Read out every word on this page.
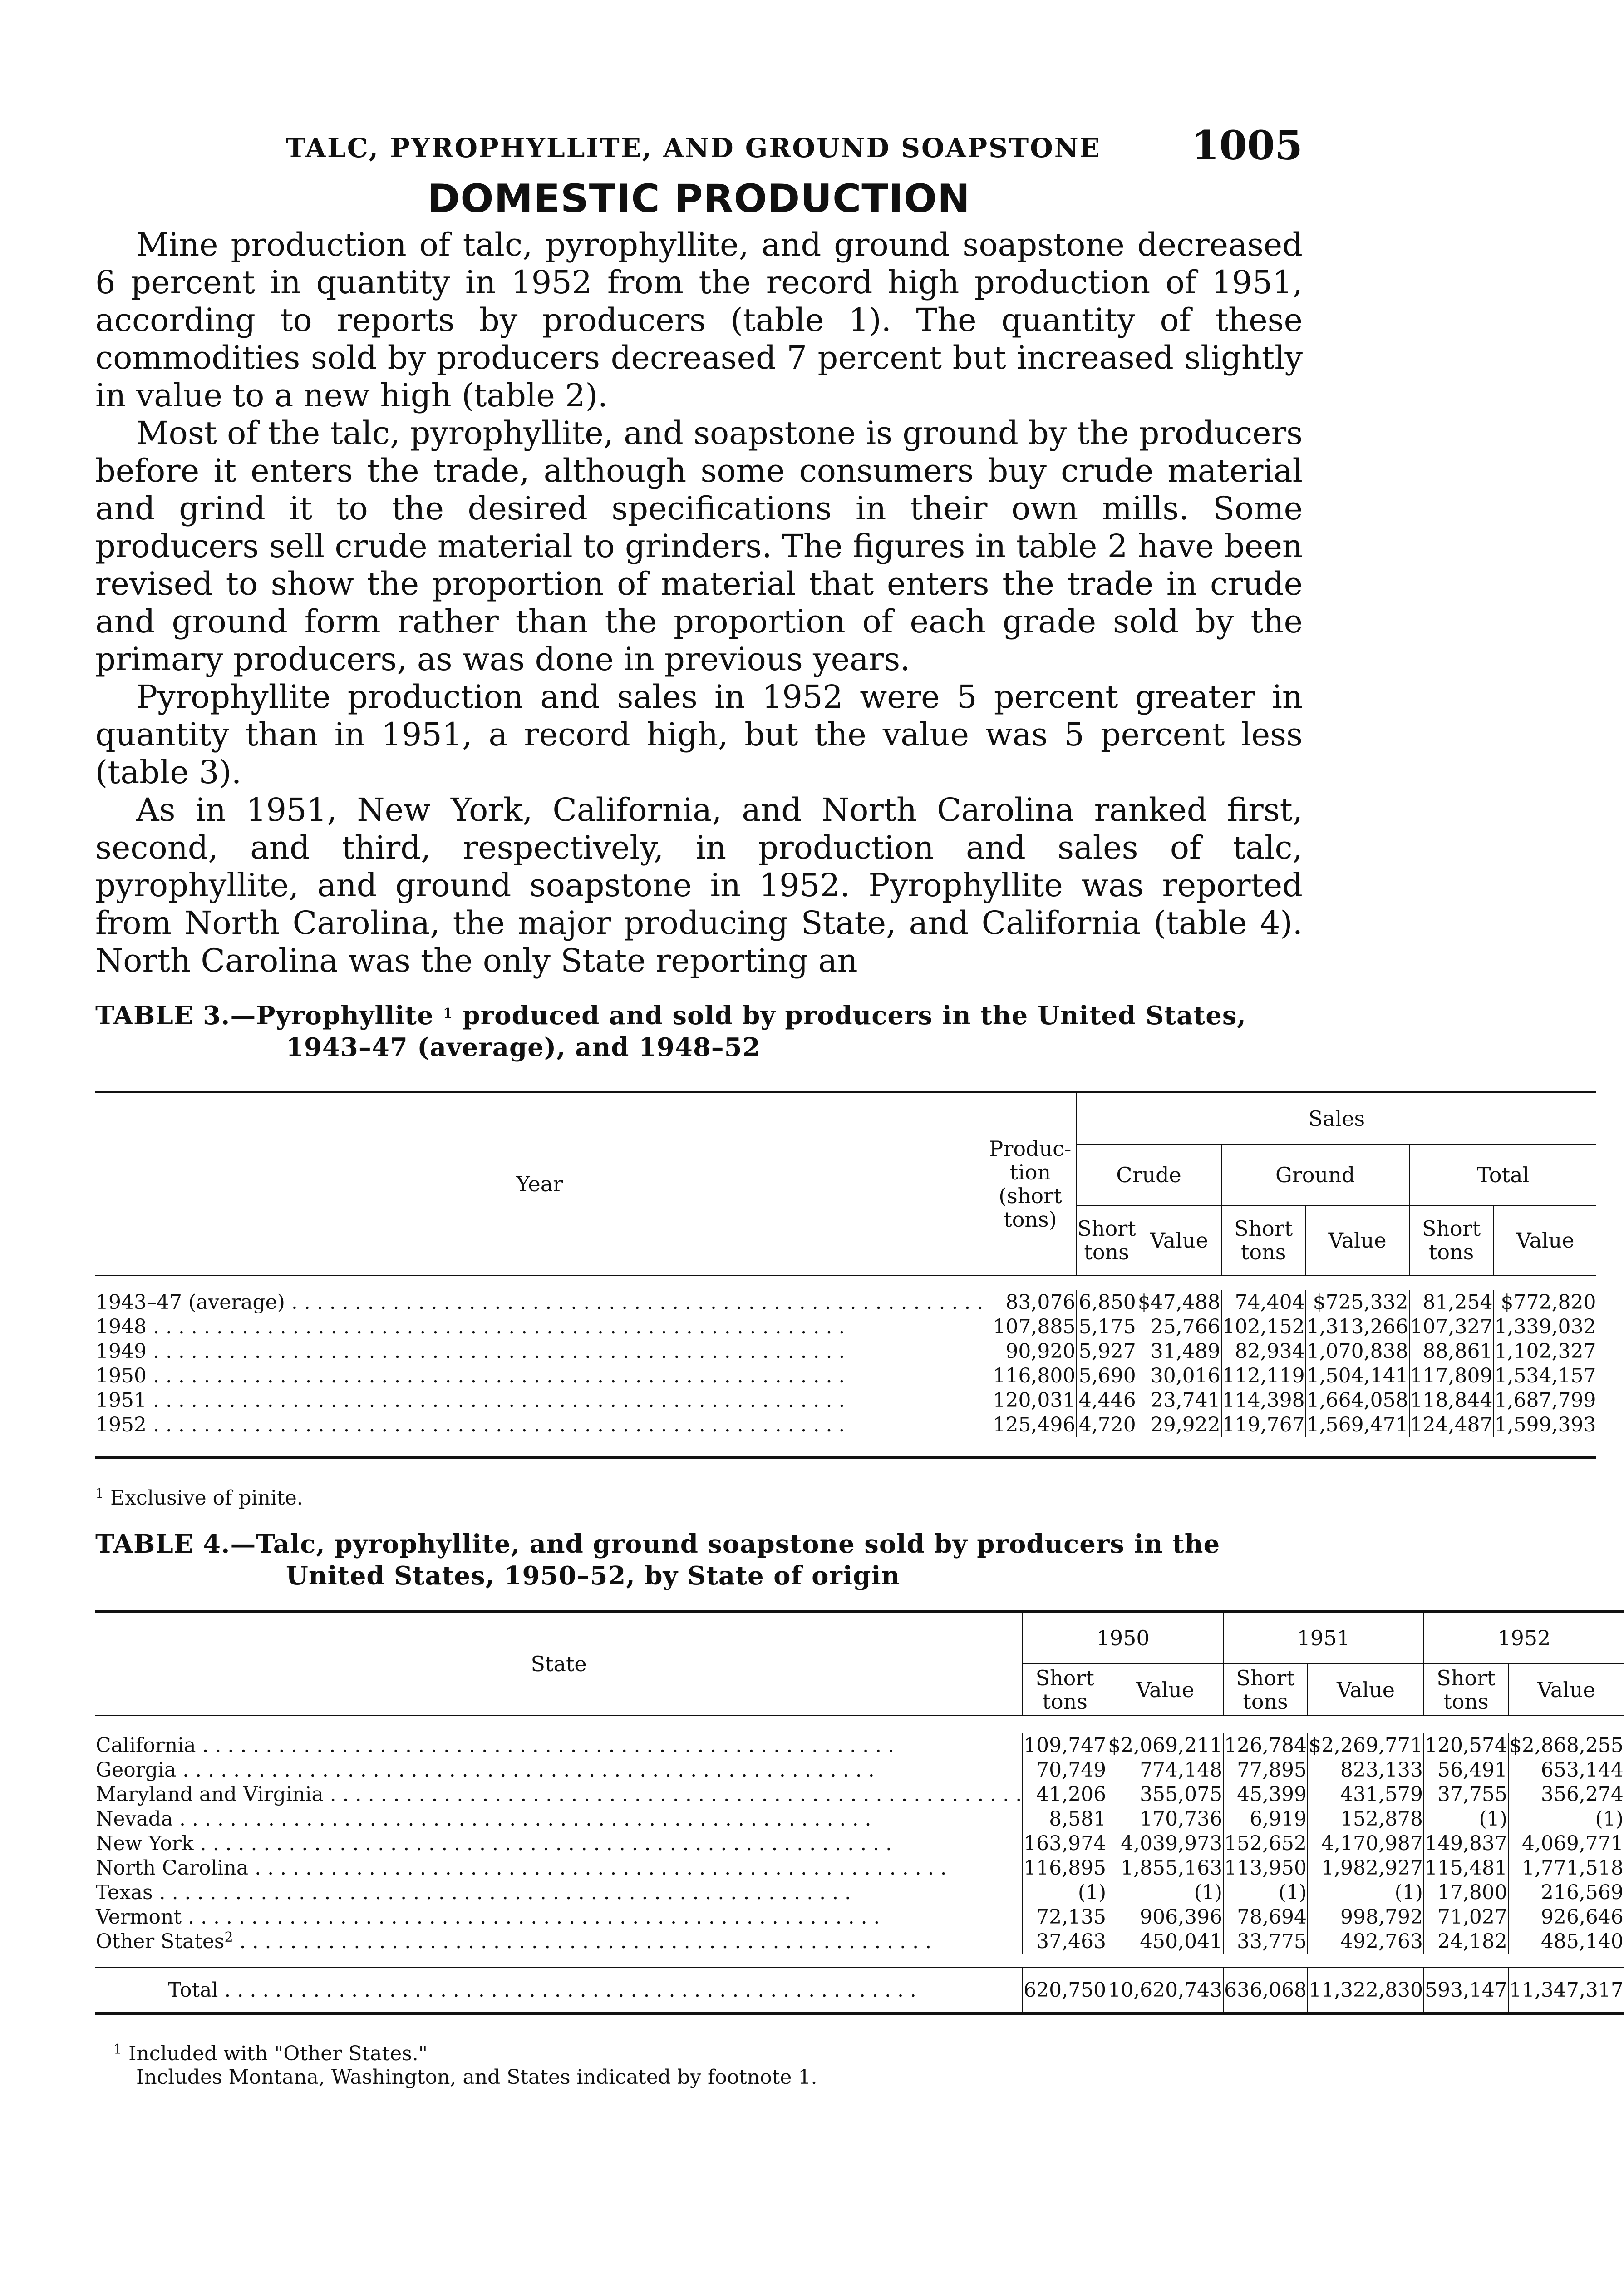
TALC, PYROPHYLLITE, AND GROUND SOAPSTONE 1005
DOMESTIC PRODUCTION

Mine production of talc, pyrophyllite, and ground soapstone decreased 6 percent in quantity in 1952 from the record high production of 1951, according to reports by producers (table 1). The quantity of these commodities sold by producers decreased 7 percent but increased slightly in value to a new high (table 2).

Most of the talc, pyrophyllite, and soapstone is ground by the producers before it enters the trade, although some consumers buy crude material and grind it to the desired specifications in their own mills. Some producers sell crude material to grinders. The figures in table 2 have been revised to show the proportion of material that enters the trade in crude and ground form rather than the proportion of each grade sold by the primary producers, as was done in previous years.

Pyrophyllite production and sales in 1952 were 5 percent greater in quantity than in 1951, a record high, but the value was 5 percent less (table 3).

As in 1951, New York, California, and North Carolina ranked first, second, and third, respectively, in production and sales of talc, pyrophyllite, and ground soapstone in 1952. Pyrophyllite was reported from North Carolina, the major producing State, and California (table 4). North Carolina was the only State reporting an

TABLE 3.—Pyrophyllite $^1$ produced and sold by producers in the United States, 1943–47 (average), and 1948–52
Year	Produc-tion (short tons)	Sales					
		Crude		Ground		Total	
		Short tons	Value	Short tons	Value	Short tons	Value

1943–47 (average) . . .	83,076	6,850	$47,488	74,404	$725,332	81,254	$772,820
1948 . . .	107,885	5,175	25,766	102,152	1,313,266	107,327	1,339,032
1949 . . .	90,920	5,927	31,489	82,934	1,070,838	88,861	1,102,327
1950 . . .	116,800	5,690	30,016	112,119	1,504,141	117,809	1,534,157
1951 . . .	120,031	4,446	23,741	114,398	1,664,058	118,844	1,687,799
1952 . . .	125,496	4,720	29,922	119,767	1,569,471	124,487	1,599,393

$^1$ Exclusive of pinite.
TABLE 4.—Talc, pyrophyllite, and ground soapstone sold by producers in the United States, 1950–52, by State of origin
State	1950		1951		1952	
	Short tons	Value	Short tons	Value	Short tons	Value

California . . .	109,747	$2,069,211	126,784	$2,269,771	120,574	$2,868,255
Georgia . . .	70,749	774,148	77,895	823,133	56,491	653,144
Maryland and Virginia . . .	41,206	355,075	45,399	431,579	37,755	356,274
Nevada . . .	8,581	170,736	6,919	152,878	(1)	(1)
New York . . .	163,974	4,039,973	152,652	4,170,987	149,837	4,069,771
North Carolina . . .	116,895	1,855,163	113,950	1,982,927	115,481	1,771,518
Texas . . .	(1)	(1)	(1)	(1)	17,800	216,569
Vermont . . .	72,135	906,396	78,694	998,792	71,027	926,646
Other States$^2$ . . .	37,463	450,041	33,775	492,763	24,182	485,140

Total . . .	620,750	10,620,743	636,068	11,322,830	593,147	11,347,317
$^1$ Included with "Other States."
Includes Montana, Washington, and States indicated by footnote 1.
